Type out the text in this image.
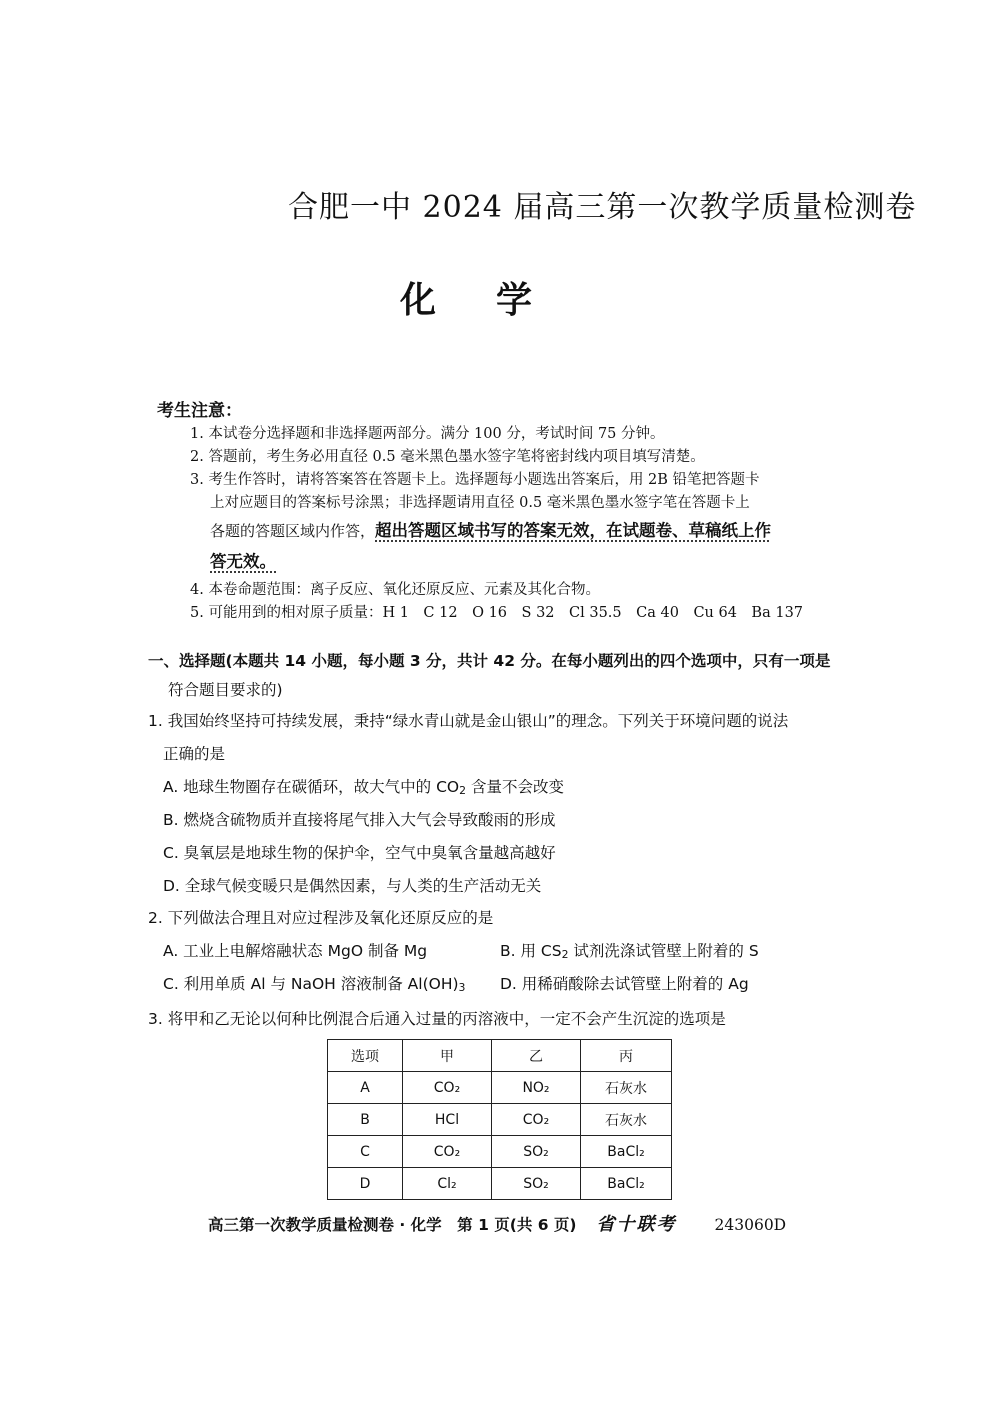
合肥一中 2024 届高三第一次教学质量检测卷
化学
考生注意：
1. 本试卷分选择题和非选择题两部分。满分 100 分，考试时间 75 分钟。
2. 答题前，考生务必用直径 0.5 毫米黑色墨水签字笔将密封线内项目填写清楚。
3. 考生作答时，请将答案答在答题卡上。选择题每小题选出答案后，用 2B 铅笔把答题卡
上对应题目的答案标号涂黑；非选择题请用直径 0.5 毫米黑色墨水签字笔在答题卡上
各题的答题区域内作答，超出答题区域书写的答案无效，在试题卷、草稿纸上作
答无效。
4. 本卷命题范围：离子反应、氧化还原反应、元素及其化合物。
5. 可能用到的相对原子质量：H 1　C 12　O 16　S 32　Cl 35.5　Ca 40　Cu 64　Ba 137
一、选择题(本题共 14 小题，每小题 3 分，共计 42 分。在每小题列出的四个选项中，只有一项是
符合题目要求的)
1. 我国始终坚持可持续发展，秉持“绿水青山就是金山银山”的理念。下列关于环境问题的说法
正确的是
A. 地球生物圈存在碳循环，故大气中的 $CO_2$ 含量不会改变
B. 燃烧含硫物质并直接将尾气排入大气会导致酸雨的形成
C. 臭氧层是地球生物的保护伞，空气中臭氧含量越高越好
D. 全球气候变暖只是偶然因素，与人类的生产活动无关
2. 下列做法合理且对应过程涉及氧化还原反应的是
A. 工业上电解熔融状态 MgO 制备 Mg	B. 用 $CS_2$ 试剂洗涤试管壁上附着的 S
C. 利用单质 Al 与 NaOH 溶液制备 $Al(OH)_3$ D. 用稀硝酸除去试管壁上附着的 Ag
3. 将甲和乙无论以何种比例混合后通入过量的丙溶液中，一定不会产生沉淀的选项是
选项	甲	乙	丙
A	CO₂	NO₂	石灰水
B	HCl	CO₂	石灰水
C	CO₂	SO₂	BaCl₂
D	Cl₂	SO₂	BaCl₂
高三第一次教学质量检测卷 · 化学　第 1 页(共 6 页) 省十联考 243060D
